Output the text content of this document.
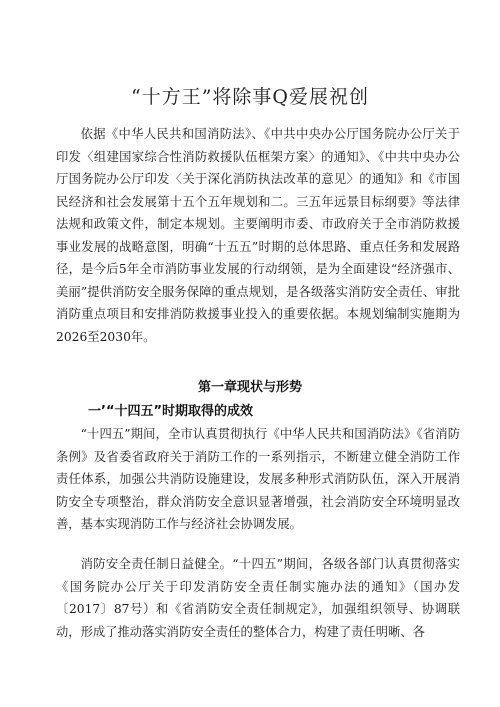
“十方王”将除事Q爱展祝创

依据《中华人民共和国消防法》、《中共中央办公厅国务院办公厅关于印发〈组建国家综合性消防救援队伍框架方案〉的通知》、《中共中央办公厅国务院办公厅印发〈关于深化消防执法改革的意见〉的通知》和《市国民经济和社会发展第十五个五年规划和二。三五年远景目标纲要》等法律法规和政策文件，制定本规划。主要阐明市委、市政府关于全市消防救援事业发展的战略意图，明确“十五五”时期的总体思路、重点任务和发展路径，是今后5年全市消防事业发展的行动纲领，是为全面建设“经济强市、美丽”提供消防安全服务保障的重点规划，是各级落实消防安全责任、审批消防重点项目和安排消防救援事业投入的重要依据。本规划编制实施期为2026至2030年。

第一章现状与形势
一’“十四五”时期取得的成效

“十四五”期间，全市认真贯彻执行《中华人民共和国消防法》《省消防条例》及省委省政府关于消防工作的一系列指示，不断建立健全消防工作责任体系，加强公共消防设施建设，发展多种形式消防队伍，深入开展消防安全专项整治，群众消防安全意识显著增强，社会消防安全环境明显改善，基本实现消防工作与经济社会协调发展。

消防安全责任制日益健全。“十四五”期间，各级各部门认真贯彻落实《国务院办公厅关于印发消防安全责任制实施办法的通知》（国办发〔2017〕87号）和《省消防安全责任制规定》，加强组织领导、协调联动，形成了推动落实消防安全责任的整体合力，构建了责任明晰、各
